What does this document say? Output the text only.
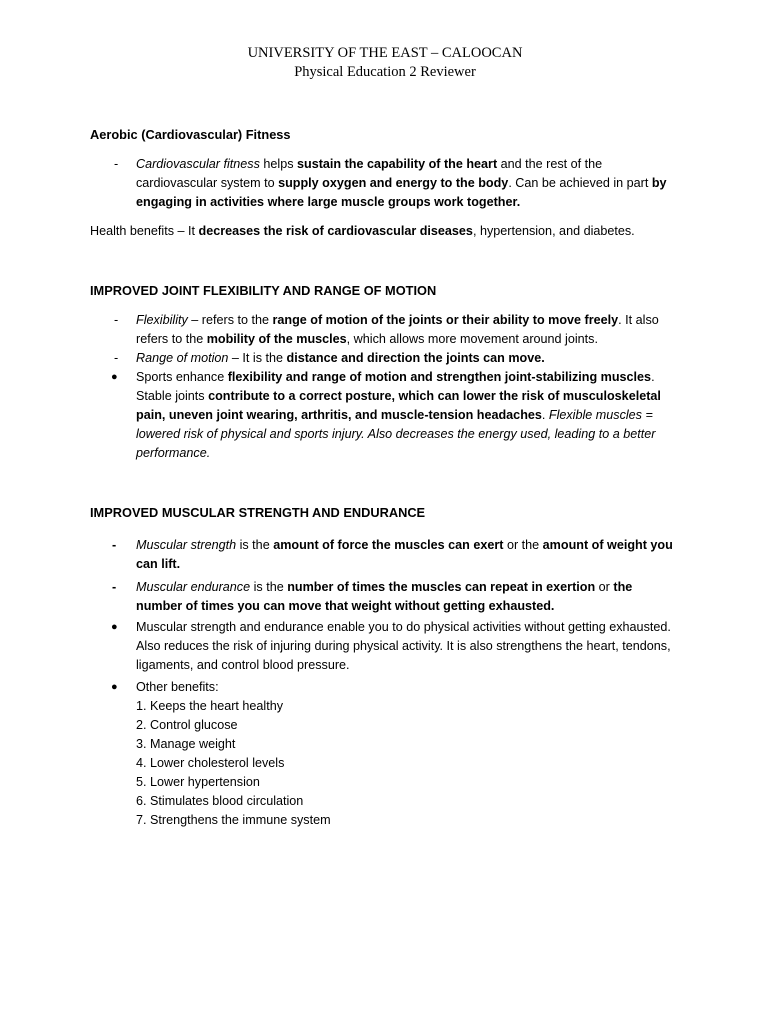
UNIVERSITY OF THE EAST – CALOOCAN
Physical Education 2 Reviewer
Aerobic (Cardiovascular) Fitness
- Cardiovascular fitness helps sustain the capability of the heart and the rest of the cardiovascular system to supply oxygen and energy to the body. Can be achieved in part by engaging in activities where large muscle groups work together.

Health benefits – It decreases the risk of cardiovascular diseases, hypertension, and diabetes.

IMPROVED JOINT FLEXIBILITY AND RANGE OF MOTION
- Flexibility – refers to the range of motion of the joints or their ability to move freely. It also refers to the mobility of the muscles, which allows more movement around joints.

- Range of motion – It is the distance and direction the joints can move.

● Sports enhance flexibility and range of motion and strengthen joint-stabilizing muscles. Stable joints contribute to a correct posture, which can lower the risk of musculoskeletal pain, uneven joint wearing, arthritis, and muscle-tension headaches. Flexible muscles = lowered risk of physical and sports injury. Also decreases the energy used, leading to a better performance.

IMPROVED MUSCULAR STRENGTH AND ENDURANCE
- Muscular strength is the amount of force the muscles can exert or the amount of weight you can lift.

- Muscular endurance is the number of times the muscles can repeat in exertion or the number of times you can move that weight without getting exhausted.

● Muscular strength and endurance enable you to do physical activities without getting exhausted. Also reduces the risk of injuring during physical activity. It is also strengthens the heart, tendons, ligaments, and control blood pressure.

● Other benefits:

1. Keeps the heart healthy
2. Control glucose
3. Manage weight
4. Lower cholesterol levels
5. Lower hypertension
6. Stimulates blood circulation
7. Strengthens the immune system
